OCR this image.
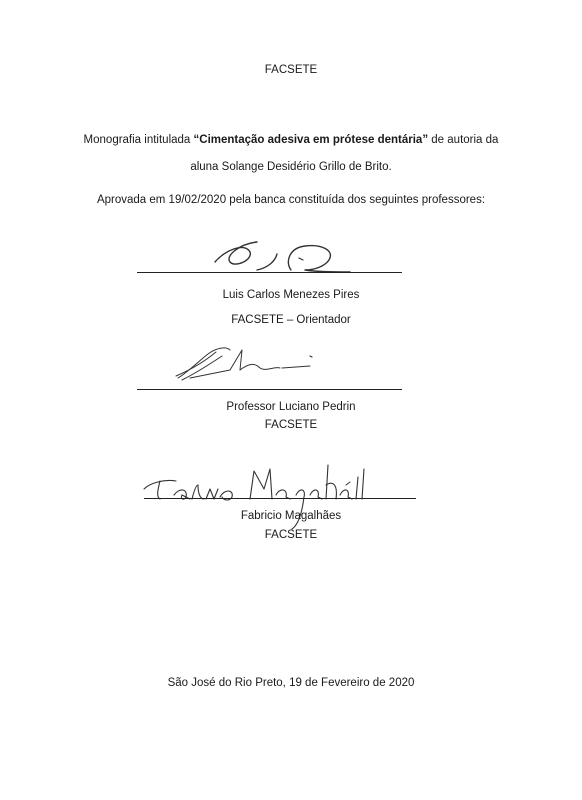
FACSETE
Monografia intitulada “Cimentação adesiva em prótese dentária” de autoria da
aluna Solange Desidério Grillo de Brito.
Aprovada em 19/02/2020 pela banca constituída dos seguintes professores:
Luis Carlos Menezes Pires
FACSETE – Orientador
Professor Luciano Pedrin
FACSETE
Fabricio Magalhães
FACSETE
São José do Rio Preto, 19 de Fevereiro de 2020
